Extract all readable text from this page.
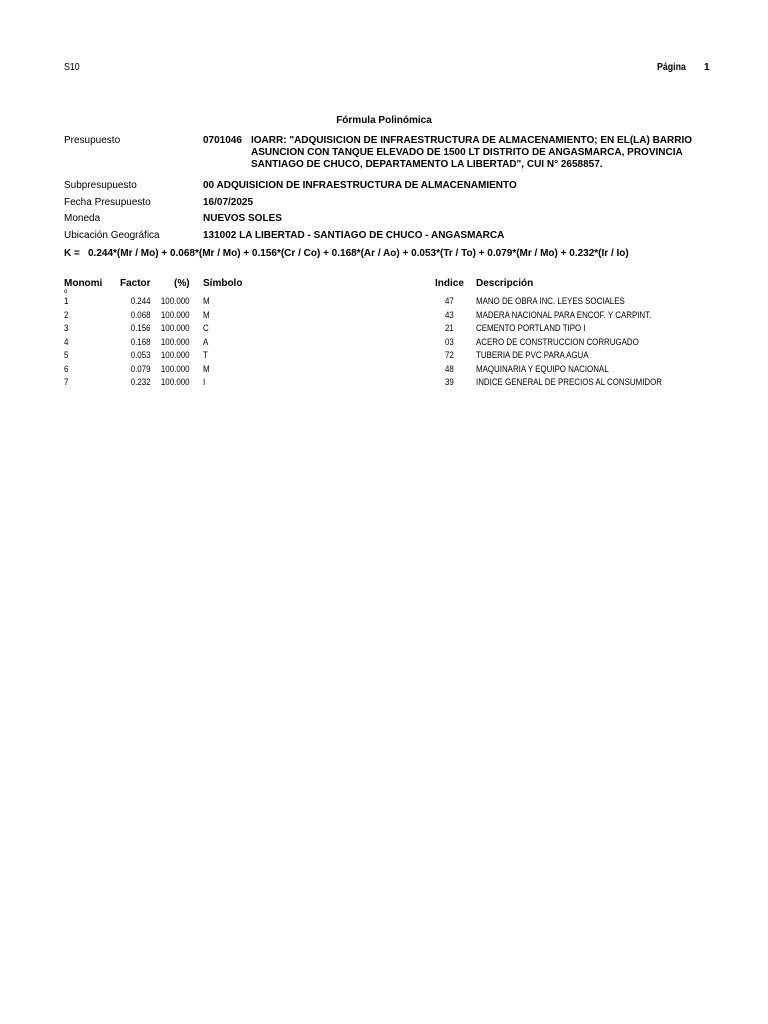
S10	Página 1
Fórmula Polinómica
Presupuesto	0701046 IOARR: "ADQUISICION DE INFRAESTRUCTURA DE ALMACENAMIENTO; EN EL(LA) BARRIO
ASUNCION CON TANQUE ELEVADO DE 1500 LT DISTRITO DE ANGASMARCA, PROVINCIA
SANTIAGO DE CHUCO, DEPARTAMENTO LA LIBERTAD", CUI N° 2658857.
Subpresupuesto	00 ADQUISICION DE INFRAESTRUCTURA DE ALMACENAMIENTO
Fecha Presupuesto	16/07/2025
Moneda	NUEVOS SOLES
Ubicación Geográfica	131002 LA LIBERTAD - SANTIAGO DE CHUCO - ANGASMARCA
K = 0.244*(Mr / Mo) + 0.068*(Mr / Mo) + 0.156*(Cr / Co) + 0.168*(Ar / Ao) + 0.053*(Tr / To) + 0.079*(Mr / Mo) + 0.232*(Ir / Io)
Monomi
o
Factor (%) Símbolo	Indice Descripción
1	0.244 100.000 M	47 MANO DE OBRA INC. LEYES SOCIALES
2	0.068 100.000 M	43 MADERA NACIONAL PARA ENCOF. Y CARPINT.
3	0.156 100.000 C	21 CEMENTO PORTLAND TIPO I
4	0.168 100.000 A	03 ACERO DE CONSTRUCCION CORRUGADO
5	0.053 100.000 T	72 TUBERIA DE PVC PARA AGUA
6	0.079 100.000 M	48 MAQUINARIA Y EQUIPO NACIONAL
7	0.232 100.000 I	39 INDICE GENERAL DE PRECIOS AL CONSUMIDOR
